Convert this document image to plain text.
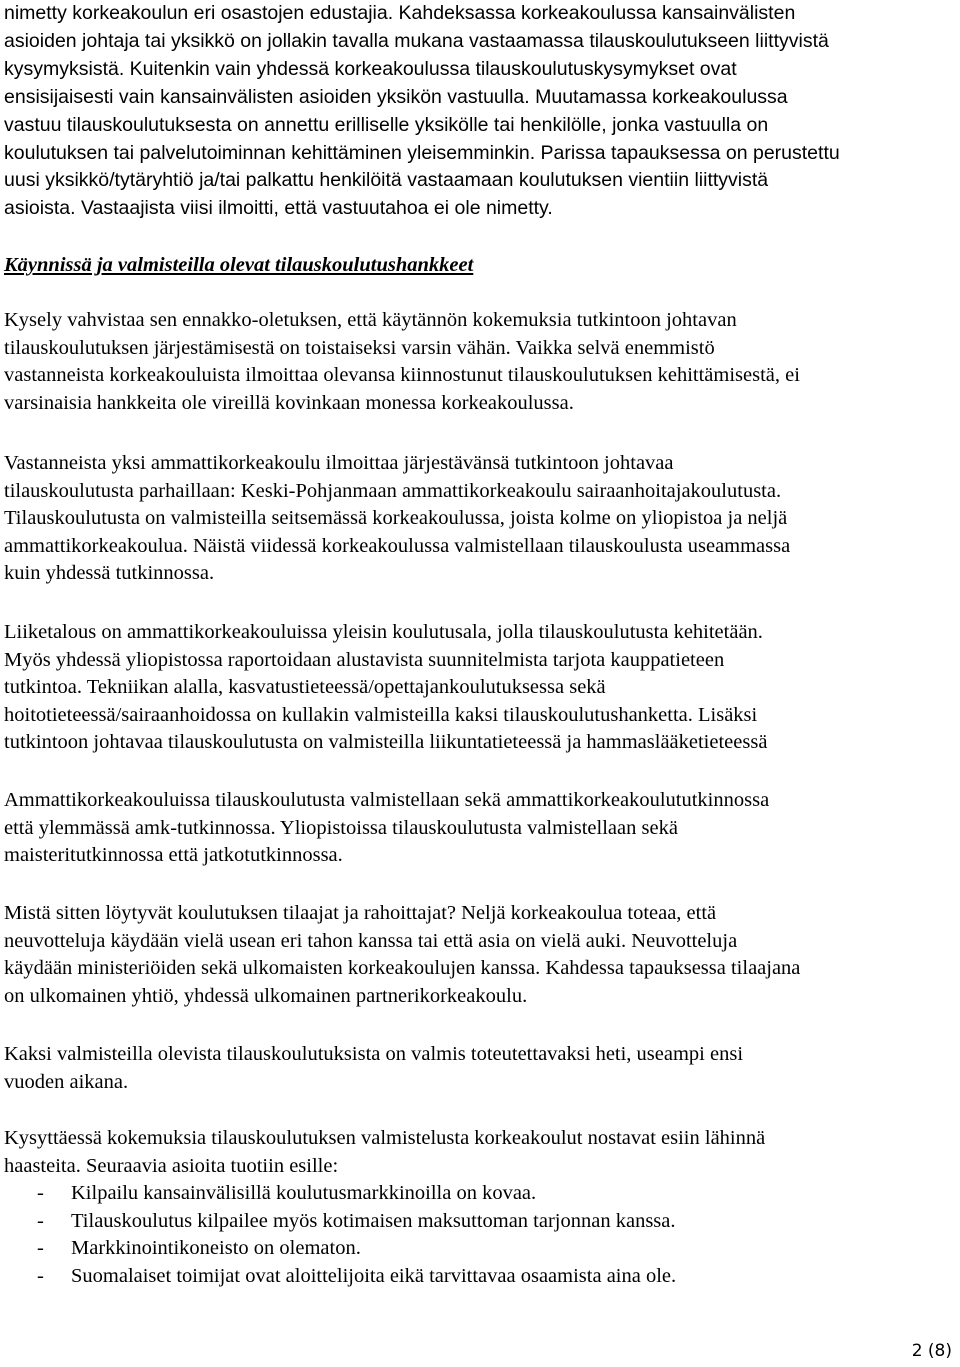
nimetty korkeakoulun eri osastojen edustajia. Kahdeksassa korkeakoulussa kansainvälisten
asioiden johtaja tai yksikkö on jollakin tavalla mukana vastaamassa tilauskoulutukseen liittyvistä
kysymyksistä. Kuitenkin vain yhdessä korkeakoulussa tilauskoulutuskysymykset ovat
ensisijaisesti vain kansainvälisten asioiden yksikön vastuulla. Muutamassa korkeakoulussa
vastuu tilauskoulutuksesta on annettu erilliselle yksikölle tai henkilölle, jonka vastuulla on
koulutuksen tai palvelutoiminnan kehittäminen yleisemminkin. Parissa tapauksessa on perustettu
uusi yksikkö/tytäryhtiö ja/tai palkattu henkilöitä vastaamaan koulutuksen vientiin liittyvistä
asioista. Vastaajista viisi ilmoitti, että vastuutahoa ei ole nimetty.

Käynnissä ja valmisteilla olevat tilauskoulutushankkeet

Kysely vahvistaa sen ennakko-oletuksen, että käytännön kokemuksia tutkintoon johtavan
tilauskoulutuksen järjestämisestä on toistaiseksi varsin vähän. Vaikka selvä enemmistö
vastanneista korkeakouluista ilmoittaa olevansa kiinnostunut tilauskoulutuksen kehittämisestä, ei
varsinaisia hankkeita ole vireillä kovinkaan monessa korkeakoulussa.

Vastanneista yksi ammattikorkeakoulu ilmoittaa järjestävänsä tutkintoon johtavaa
tilauskoulutusta parhaillaan: Keski-Pohjanmaan ammattikorkeakoulu sairaanhoitajakoulutusta.
Tilauskoulutusta on valmisteilla seitsemässä korkeakoulussa, joista kolme on yliopistoa ja neljä
ammattikorkeakoulua. Näistä viidessä korkeakoulussa valmistellaan tilauskoulusta useammassa
kuin yhdessä tutkinnossa.

Liiketalous on ammattikorkeakouluissa yleisin koulutusala, jolla tilauskoulutusta kehitetään.
Myös yhdessä yliopistossa raportoidaan alustavista suunnitelmista tarjota kauppatieteen
tutkintoa. Tekniikan alalla, kasvatustieteessä/opettajankoulutuksessa sekä
hoitotieteessä/sairaanhoidossa on kullakin valmisteilla kaksi tilauskoulutushanketta. Lisäksi
tutkintoon johtavaa tilauskoulutusta on valmisteilla liikuntatieteessä ja hammaslääketieteessä

Ammattikorkeakouluissa tilauskoulutusta valmistellaan sekä ammattikorkeakoulututkinnossa
että ylemmässä amk-tutkinnossa. Yliopistoissa tilauskoulutusta valmistellaan sekä
maisteritutkinnossa että jatkotutkinnossa.

Mistä sitten löytyvät koulutuksen tilaajat ja rahoittajat? Neljä korkeakoulua toteaa, että
neuvotteluja käydään vielä usean eri tahon kanssa tai että asia on vielä auki. Neuvotteluja
käydään ministeriöiden sekä ulkomaisten korkeakoulujen kanssa. Kahdessa tapauksessa tilaajana
on ulkomainen yhtiö, yhdessä ulkomainen partnerikorkeakoulu.

Kaksi valmisteilla olevista tilauskoulutuksista on valmis toteutettavaksi heti, useampi ensi
vuoden aikana.

Kysyttäessä kokemuksia tilauskoulutuksen valmistelusta korkeakoulut nostavat esiin lähinnä
haasteita. Seuraavia asioita tuotiin esille:

- Kilpailu kansainvälisillä koulutusmarkkinoilla on kovaa.
- Tilauskoulutus kilpailee myös kotimaisen maksuttoman tarjonnan kanssa.
- Markkinointikoneisto on olematon.
- Suomalaiset toimijat ovat aloittelijoita eikä tarvittavaa osaamista aina ole.
2 (8)
